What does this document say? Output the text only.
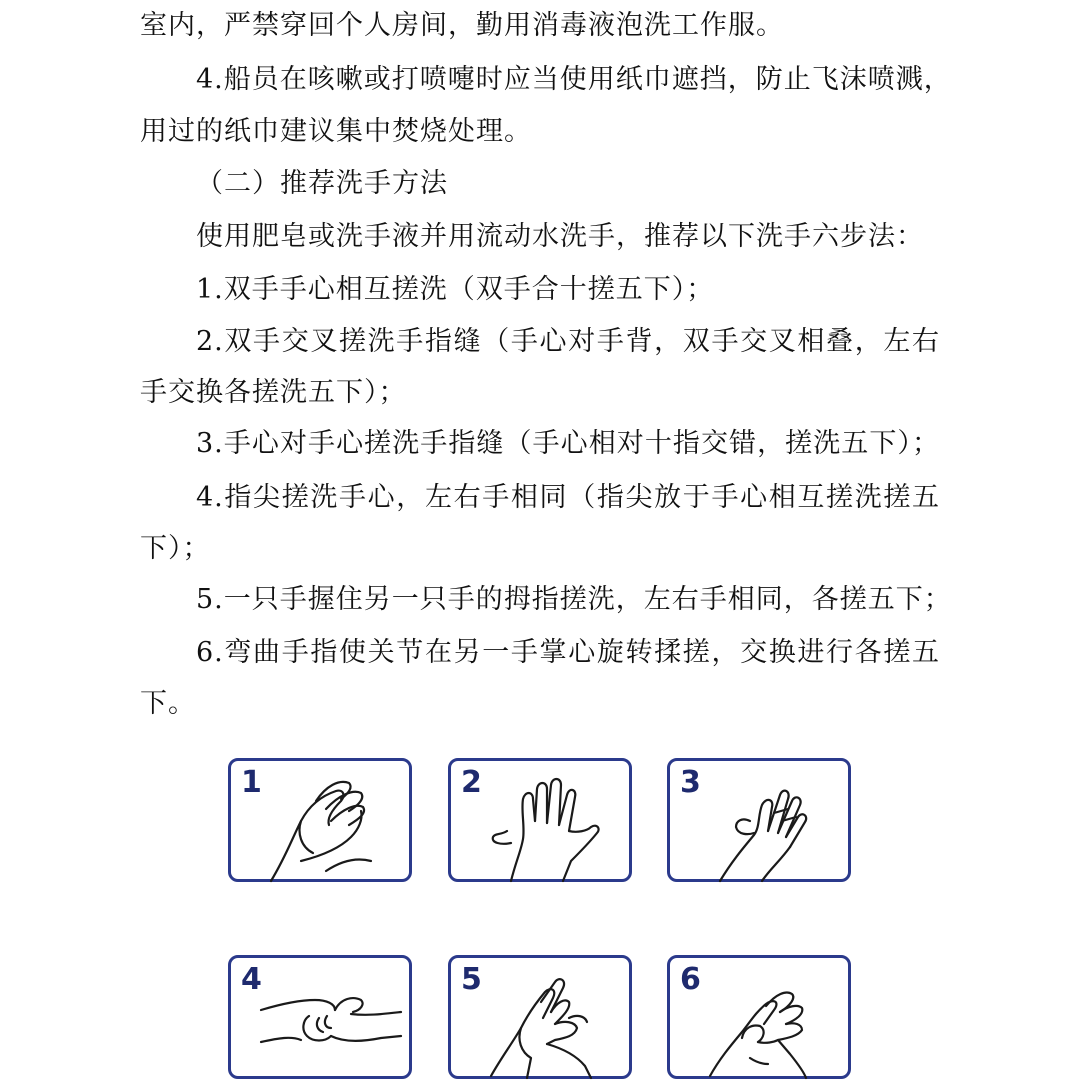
室内，严禁穿回个人房间，勤用消毒液泡洗工作服。
4.船员在咳嗽或打喷嚏时应当使用纸巾遮挡，防止飞沫喷溅，
用过的纸巾建议集中焚烧处理。
（二）推荐洗手方法
使用肥皂或洗手液并用流动水洗手，推荐以下洗手六步法：
1.双手手心相互搓洗（双手合十搓五下）；
2.双手交叉搓洗手指缝（手心对手背，双手交叉相叠，左右
手交换各搓洗五下）；
3.手心对手心搓洗手指缝（手心相对十指交错，搓洗五下）；
4.指尖搓洗手心，左右手相同（指尖放于手心相互搓洗搓五
下）；
5.一只手握住另一只手的拇指搓洗，左右手相同，各搓五下；
6.弯曲手指使关节在另一手掌心旋转揉搓，交换进行各搓五
下。
1	2	3
4	5	6
